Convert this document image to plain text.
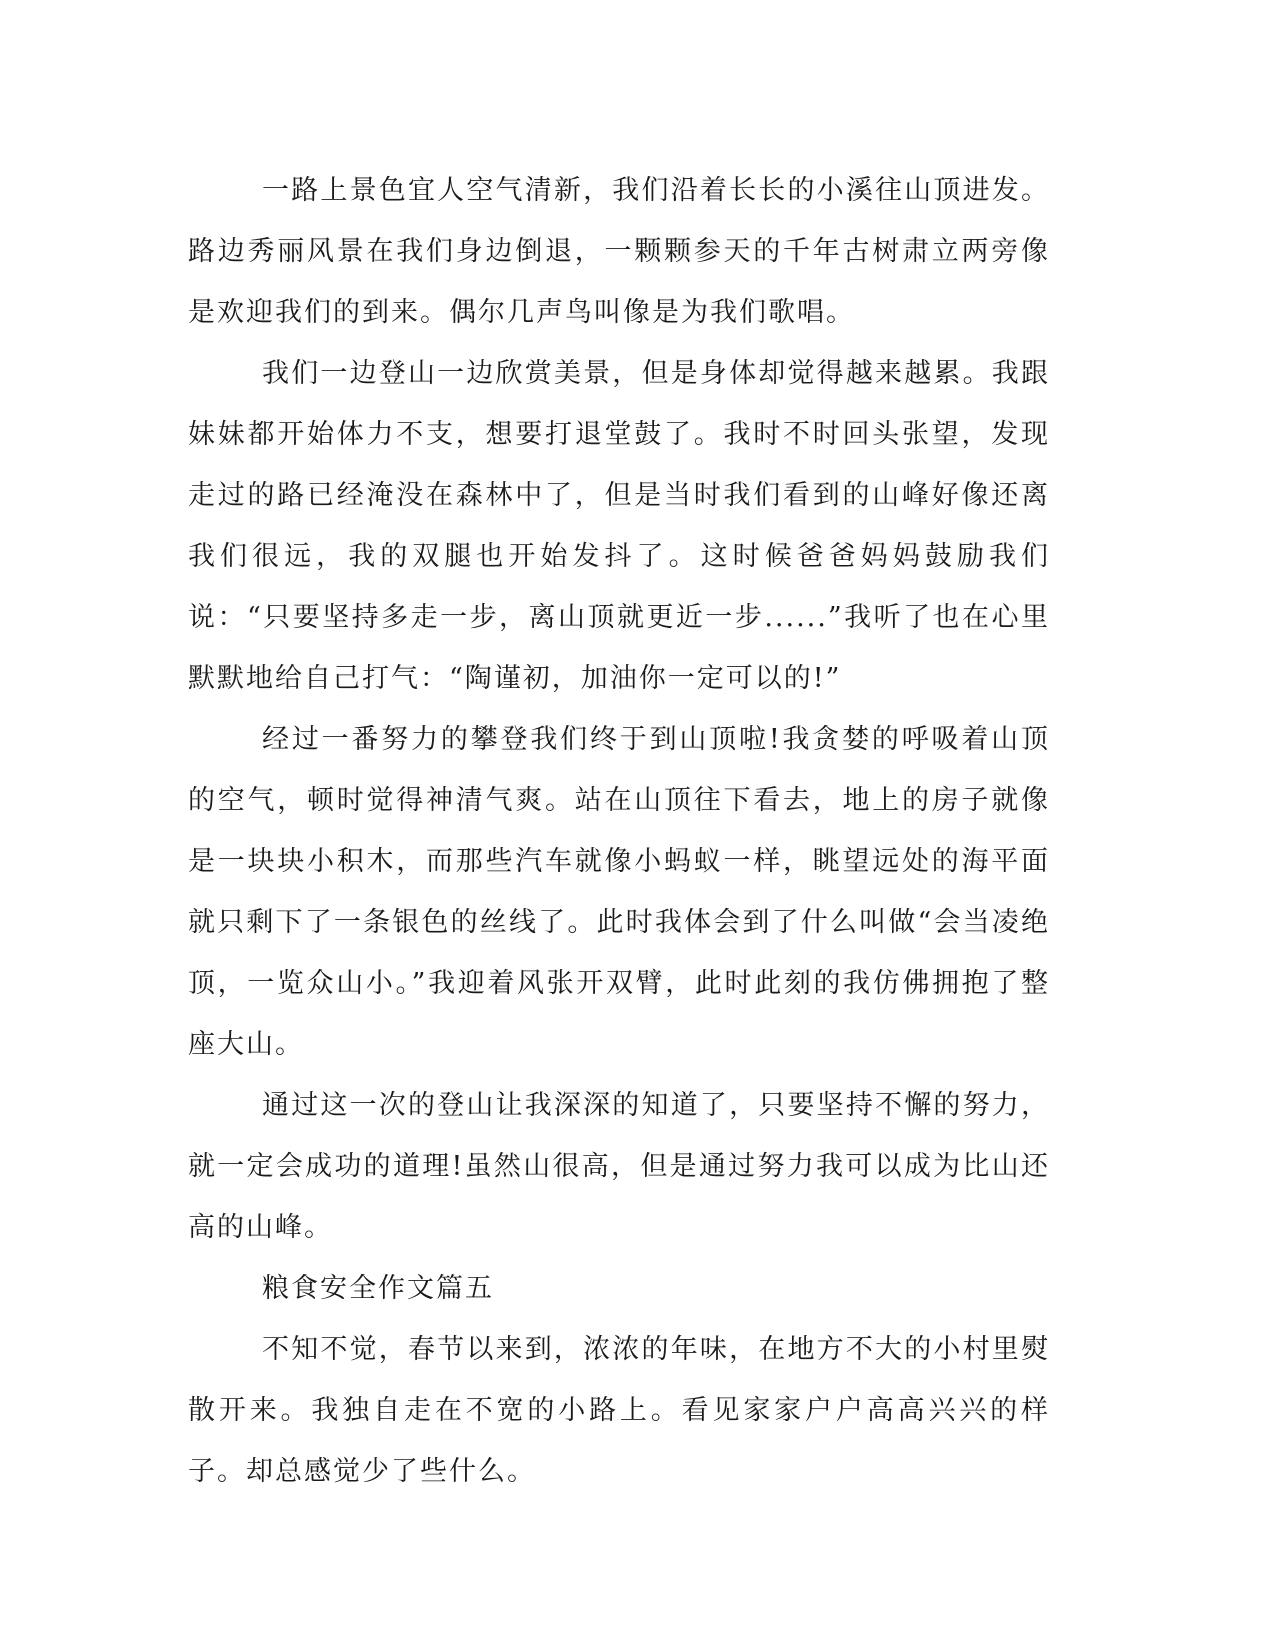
一路上景色宜人空气清新，我们沿着长长的小溪往山顶进发。路边秀丽风景在我们身边倒退，一颗颗参天的千年古树肃立两旁像是欢迎我们的到来。偶尔几声鸟叫像是为我们歌唱。

我们一边登山一边欣赏美景，但是身体却觉得越来越累。我跟妹妹都开始体力不支，想要打退堂鼓了。我时不时回头张望，发现走过的路已经淹没在森林中了，但是当时我们看到的山峰好像还离我们很远，我的双腿也开始发抖了。这时候爸爸妈妈鼓励我们说：“只要坚持多走一步，离山顶就更近一步......”我听了也在心里默默地给自己打气：“陶谨初，加油你一定可以的!”

经过一番努力的攀登我们终于到山顶啦!我贪婪的呼吸着山顶的空气，顿时觉得神清气爽。站在山顶往下看去，地上的房子就像是一块块小积木，而那些汽车就像小蚂蚁一样，眺望远处的海平面就只剩下了一条银色的丝线了。此时我体会到了什么叫做“会当凌绝顶，一览众山小。”我迎着风张开双臂，此时此刻的我仿佛拥抱了整座大山。

通过这一次的登山让我深深的知道了，只要坚持不懈的努力，就一定会成功的道理!虽然山很高，但是通过努力我可以成为比山还高的山峰。

粮食安全作文篇五

不知不觉，春节以来到，浓浓的年味，在地方不大的小村里熨散开来。我独自走在不宽的小路上。看见家家户户高高兴兴的样子。却总感觉少了些什么。
